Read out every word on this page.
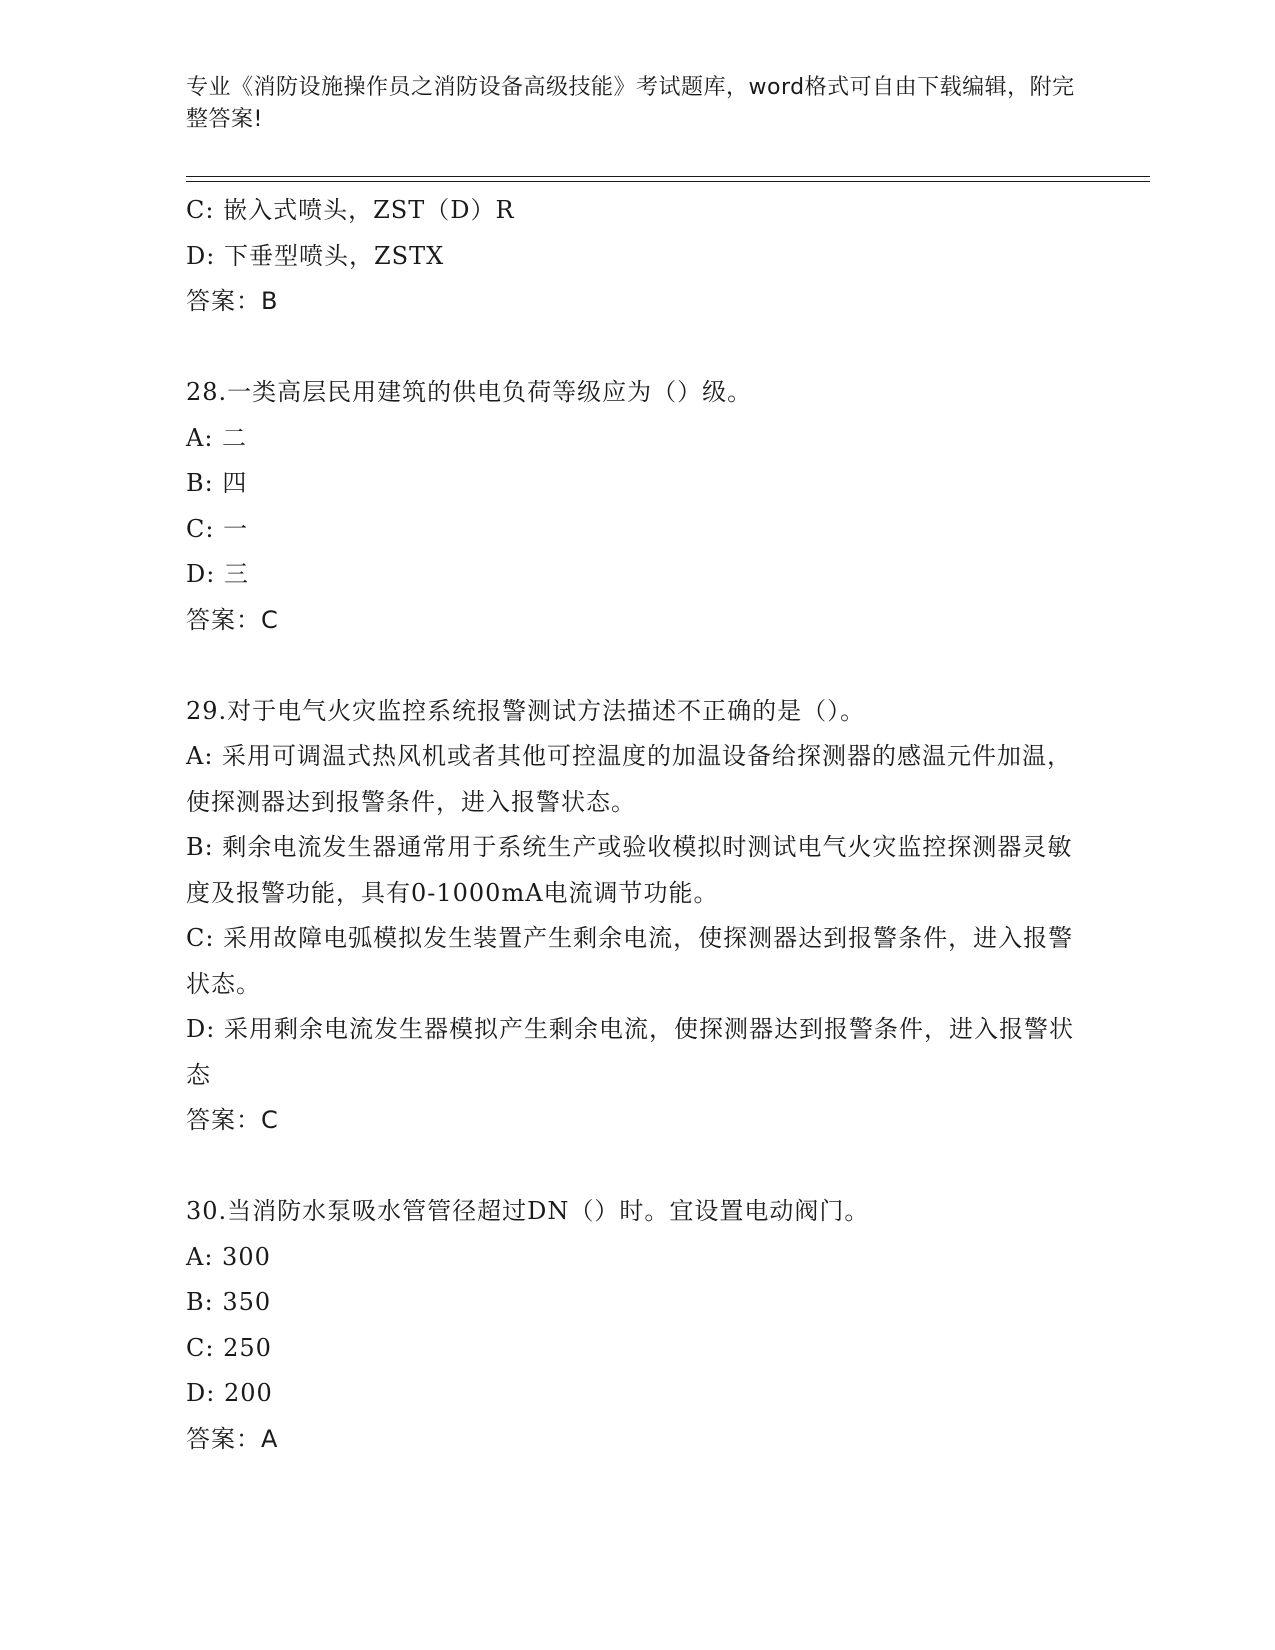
专业《消防设施操作员之消防设备高级技能》考试题库，word格式可自由下载编辑，附完整答案!
C: 嵌入式喷头，ZST（D）R
D: 下垂型喷头，ZSTX
答案：B
28.一类高层民用建筑的供电负荷等级应为（）级。
A: 二
B: 四
C: 一
D: 三
答案：C
29.对于电气火灾监控系统报警测试方法描述不正确的是（）。
A: 采用可调温式热风机或者其他可控温度的加温设备给探测器的感温元件加温，使探测器达到报警条件，进入报警状态。
B: 剩余电流发生器通常用于系统生产或验收模拟时测试电气火灾监控探测器灵敏度及报警功能，具有0-1000mA电流调节功能。
C: 采用故障电弧模拟发生装置产生剩余电流，使探测器达到报警条件，进入报警状态。
D: 采用剩余电流发生器模拟产生剩余电流，使探测器达到报警条件，进入报警状态
答案：C
30.当消防水泵吸水管管径超过DN（）时。宜设置电动阀门。
A: 300
B: 350
C: 250
D: 200
答案：A
